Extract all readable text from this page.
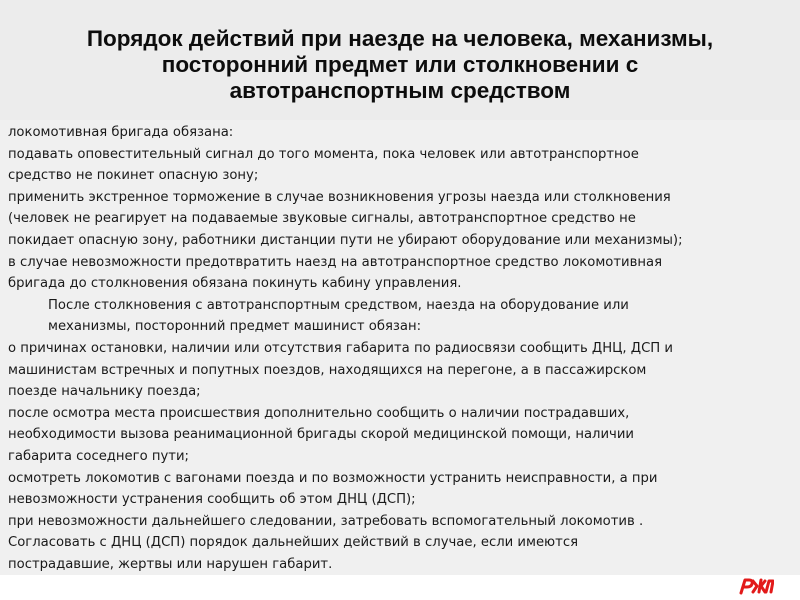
Порядок действий при наезде на человека, механизмы,
посторонний предмет или столкновении с
автотранспортным средством
локомотивная бригада обязана:
подавать оповестительный сигнал до того момента, пока человек или автотранспортное
средство не покинет опасную зону;
применить экстренное торможение в случае возникновения угрозы наезда или столкновения
(человек не реагирует на подаваемые звуковые сигналы, автотранспортное средство не
покидает опасную зону, работники дистанции пути не убирают оборудование или механизмы);
в случае невозможности предотвратить наезд на автотранспортное средство локомотивная
бригада до столкновения обязана покинуть кабину управления.
После столкновения с автотранспортным средством, наезда на оборудование или
механизмы, посторонний предмет машинист обязан:
о причинах остановки, наличии или отсутствия габарита по радиосвязи сообщить ДНЦ, ДСП и
машинистам встречных и попутных поездов, находящихся на перегоне, а в пассажирском
поезде начальнику поезда;
после осмотра места происшествия дополнительно сообщить о наличии пострадавших,
необходимости вызова реанимационной бригады скорой медицинской помощи, наличии
габарита соседнего пути;
осмотреть локомотив с вагонами поезда и по возможности устранить неисправности, а при
невозможности устранения сообщить об этом ДНЦ (ДСП);
при невозможности дальнейшего следовании, затребовать вспомогательный локомотив .
Согласовать с ДНЦ (ДСП) порядок дальнейших действий в случае, если имеются
пострадавшие, жертвы или нарушен габарит.
